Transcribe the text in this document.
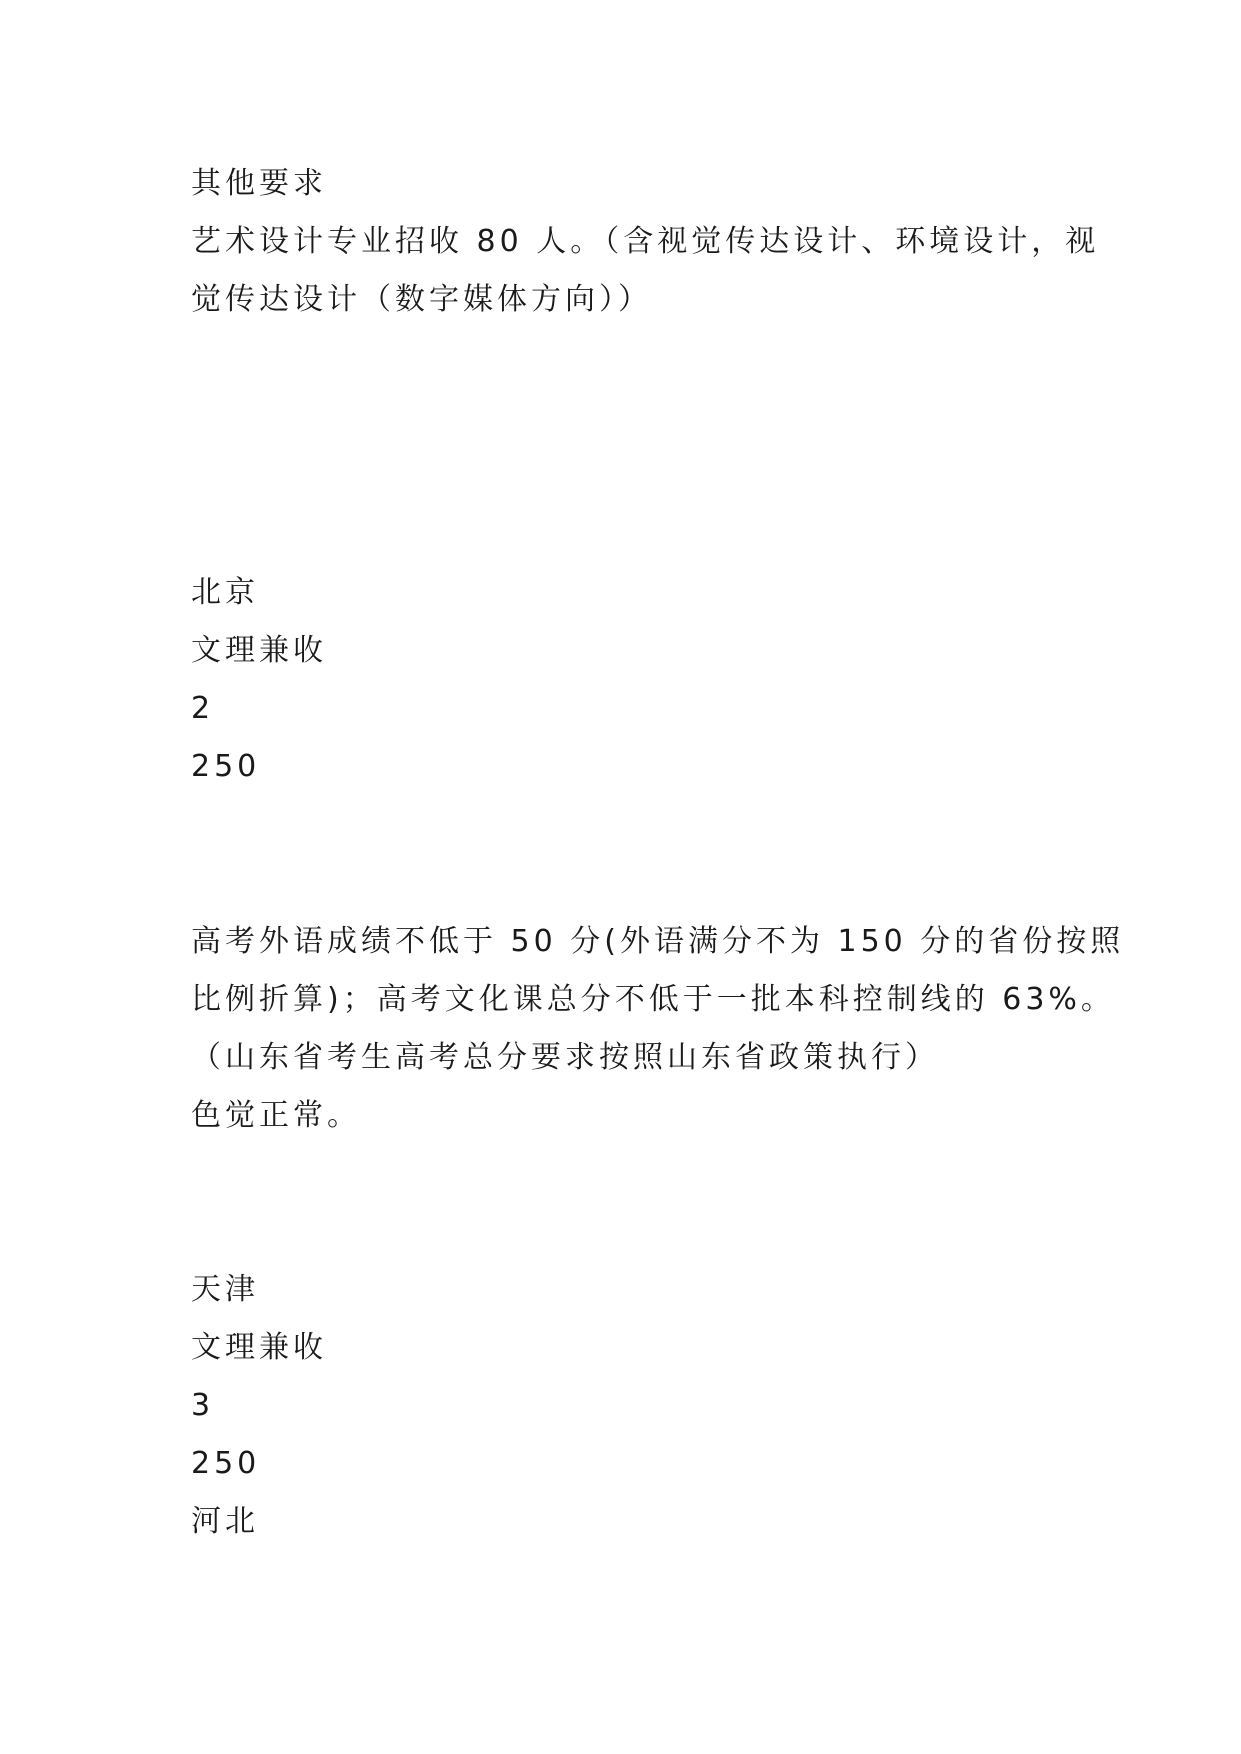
其他要求
艺术设计专业招收 80 人。（含视觉传达设计、环境设计，视
觉传达设计（数字媒体方向））
北京
文理兼收
2
250
高考外语成绩不低于 50 分(外语满分不为 150 分的省份按照
比例折算)；高考文化课总分不低于一批本科控制线的 63%。
（山东省考生高考总分要求按照山东省政策执行）
色觉正常。
天津
文理兼收
3
250
河北
